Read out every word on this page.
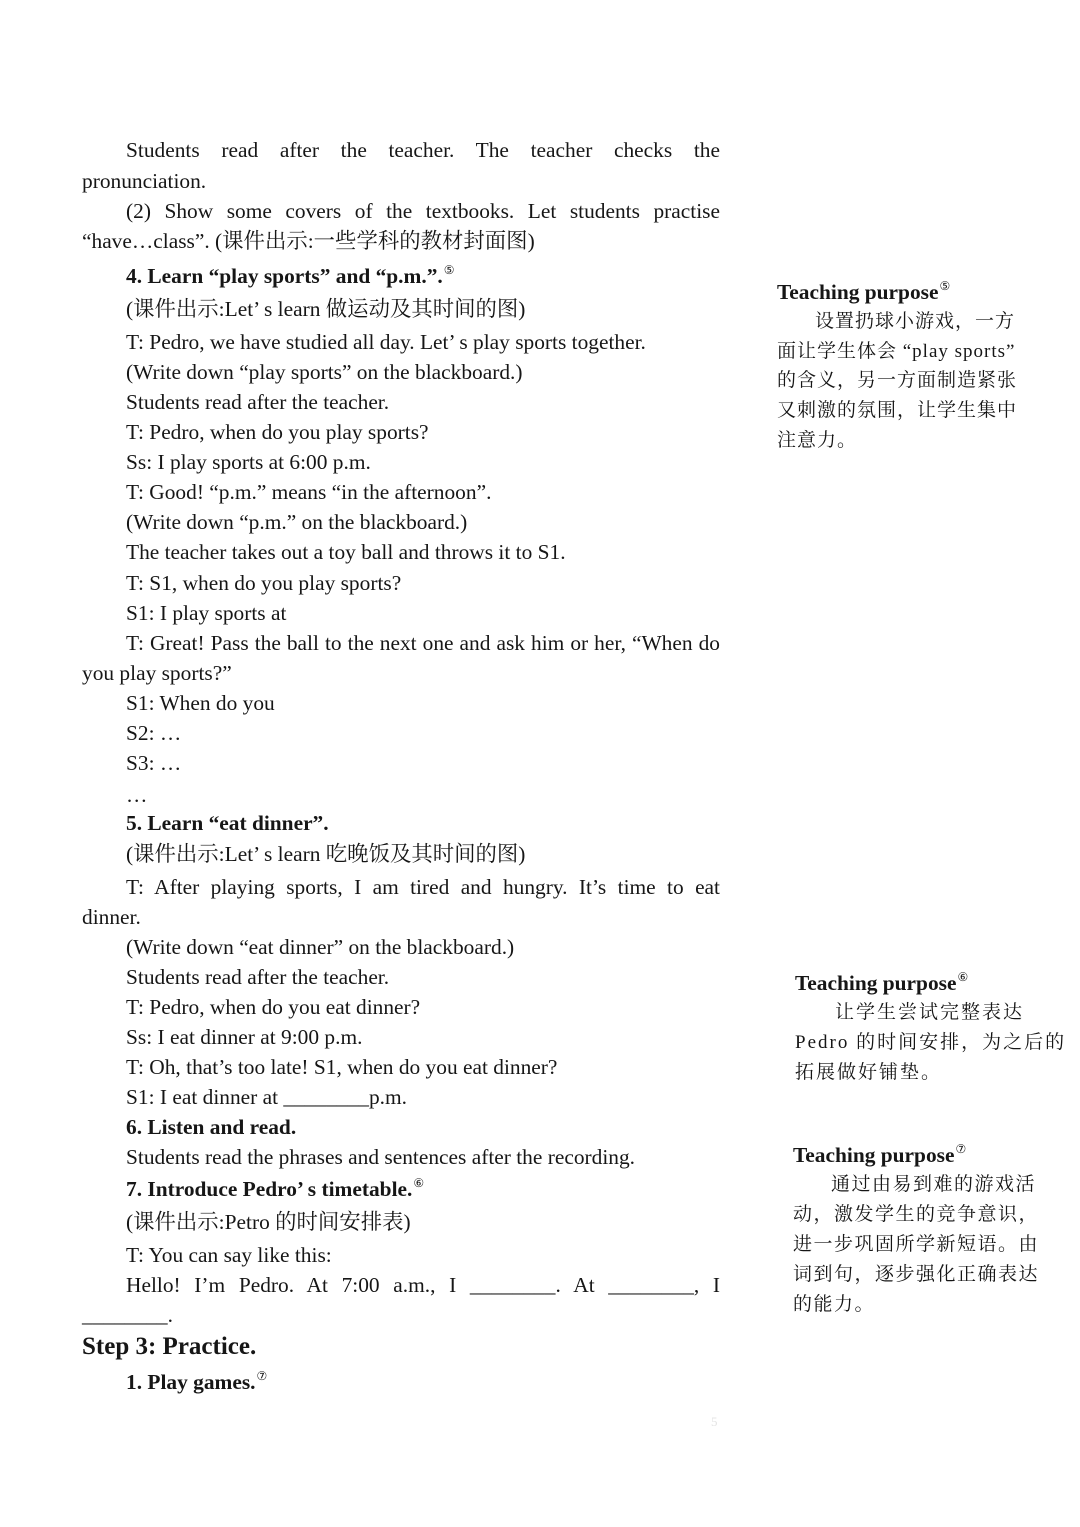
Students read after the teacher. The teacher checks the
pronunciation.
(2) Show some covers of the textbooks. Let students practise
“have…class”. (课件出示:一些学科的教材封面图)
4. Learn “play sports” and “p.m.”.⑤
(课件出示:Let’ s learn 做运动及其时间的图)
T: Pedro, we have studied all day. Let’ s play sports together.
(Write down “play sports” on the blackboard.)
Students read after the teacher.
T: Pedro, when do you play sports?
Ss: I play sports at 6:00 p.m.
T: Good! “p.m.” means “in the afternoon”.
(Write down “p.m.” on the blackboard.)
The teacher takes out a toy ball and throws it to S1.
T: S1, when do you play sports?
S1: I play sports at
T: Great! Pass the ball to the next one and ask him or her, “When do
you play sports?”
S1: When do you
S2: …
S3: …
…
5. Learn “eat dinner”.
(课件出示:Let’ s learn 吃晚饭及其时间的图)
T: After playing sports, I am tired and hungry. It’s time to eat
dinner.
(Write down “eat dinner” on the blackboard.)
Students read after the teacher.
T: Pedro, when do you eat dinner?
Ss: I eat dinner at 9:00 p.m.
T: Oh, that’s too late! S1, when do you eat dinner?
S1: I eat dinner at ________p.m.
6. Listen and read.
Students read the phrases and sentences after the recording.
7. Introduce Pedro’ s timetable.⑥
(课件出示:Petro 的时间安排表)
T: You can say like this:
Hello! I’m Pedro. At 7:00 a.m., I ________. At ________, I
________.
Step 3: Practice.
1. Play games.⑦
Teaching purpose⑤
设置扔球小游戏，一方
面让学生体会 “play sports”
的含义，另一方面制造紧张
又刺激的氛围，让学生集中
注意力。
Teaching purpose⑥
让学生尝试完整表达
Pedro 的时间安排，为之后的
拓展做好铺垫。
Teaching purpose⑦
通过由易到难的游戏活
动，激发学生的竞争意识，
进一步巩固所学新短语。由
词到句，逐步强化正确表达
的能力。
5
